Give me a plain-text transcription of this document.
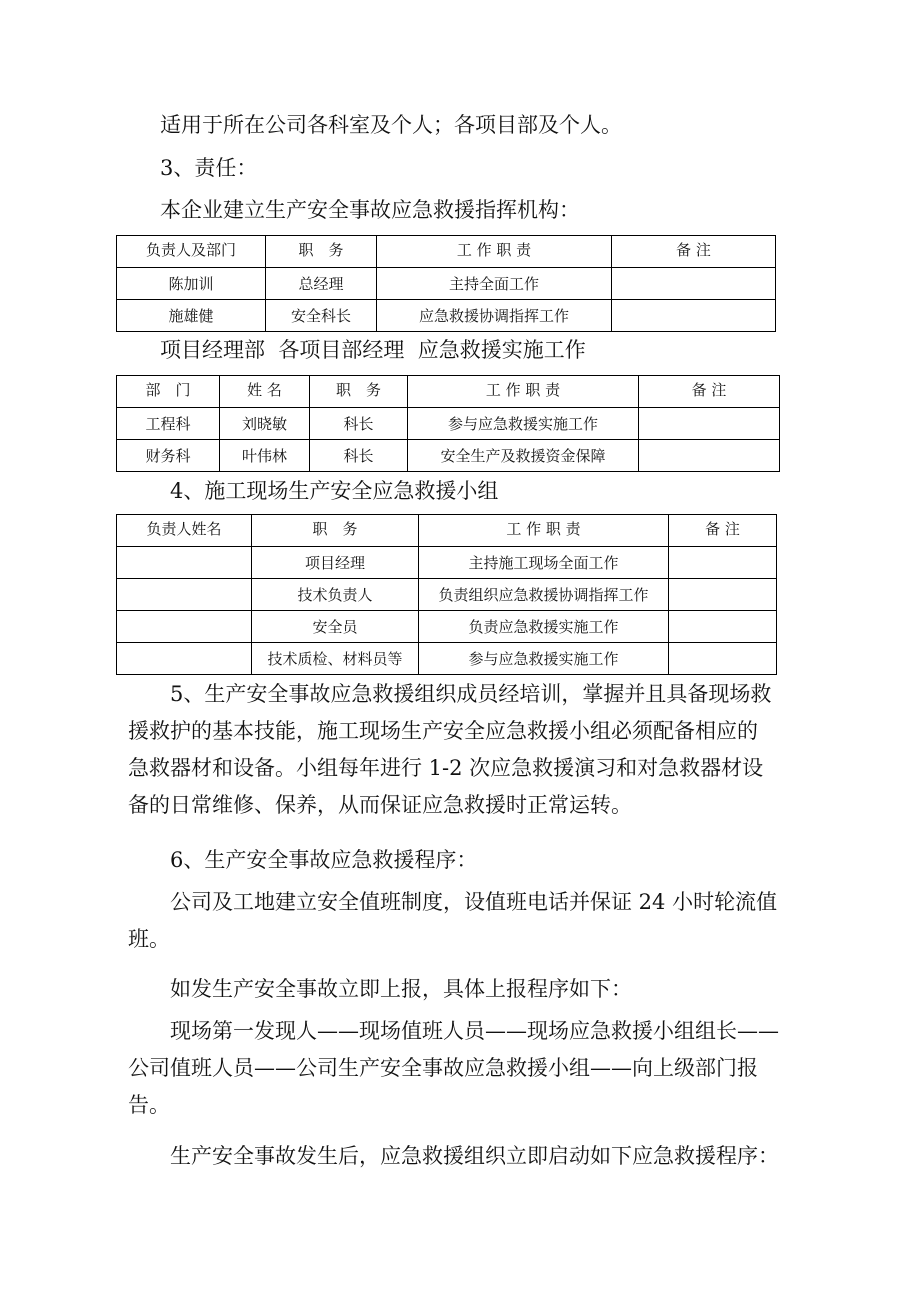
适用于所在公司各科室及个人；各项目部及个人。
3、责任：
本企业建立生产安全事故应急救援指挥机构：
负责人及部门	职　务	工 作 职 责	备 注
陈加训	总经理	主持全面工作	
施雄健	安全科长	应急救援协调指挥工作	
项目经理部  各项目部经理  应急救援实施工作
部　门	姓 名	职　务	工 作 职 责	备 注
工程科	刘晓敏	科长	参与应急救援实施工作	
财务科	叶伟林	科长	安全生产及救援资金保障	
4、施工现场生产安全应急救援小组
负责人姓名	职　务	工 作 职 责	备 注
	项目经理	主持施工现场全面工作	
	技术负责人	负责组织应急救援协调指挥工作	
	安全员	负责应急救援实施工作	
	技术质检、材料员等	参与应急救援实施工作	
5、生产安全事故应急救援组织成员经培训，掌握并且具备现场救
援救护的基本技能，施工现场生产安全应急救援小组必须配备相应的
急救器材和设备。小组每年进行 1-2 次应急救援演习和对急救器材设
备的日常维修、保养，从而保证应急救援时正常运转。
6、生产安全事故应急救援程序：
公司及工地建立安全值班制度，设值班电话并保证 24 小时轮流值
班。
如发生产安全事故立即上报，具体上报程序如下：
现场第一发现人——现场值班人员——现场应急救援小组组长——
公司值班人员——公司生产安全事故应急救援小组——向上级部门报
告。
生产安全事故发生后，应急救援组织立即启动如下应急救援程序：
